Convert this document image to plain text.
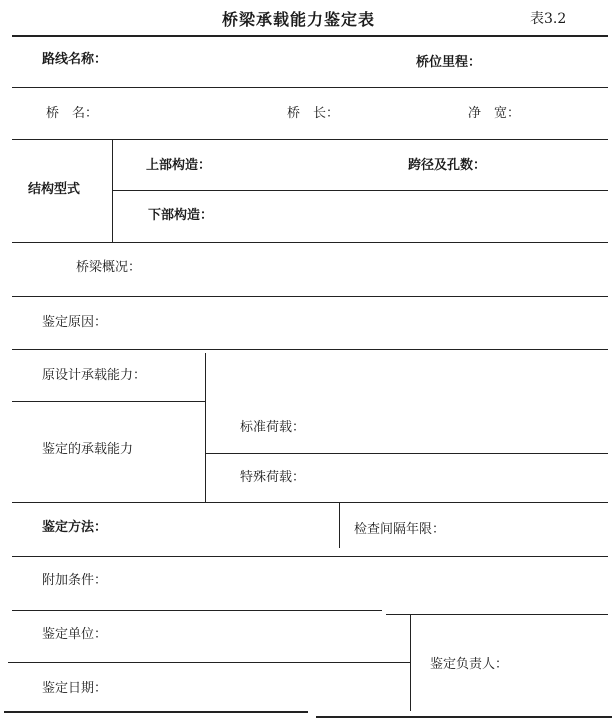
桥梁承载能力鉴定表	表3.2
路线名称：	桥位里程：
桥　名：	桥　长：	净　宽：
结构型式
上部构造：	跨径及孔数：
下部构造：
桥梁概况：
鉴定原因：
原设计承载能力：
鉴定的承载能力
标准荷载：
特殊荷载：
鉴定方法：	检查间隔年限：
附加条件：
鉴定单位：
鉴定日期：
鉴定负责人：
